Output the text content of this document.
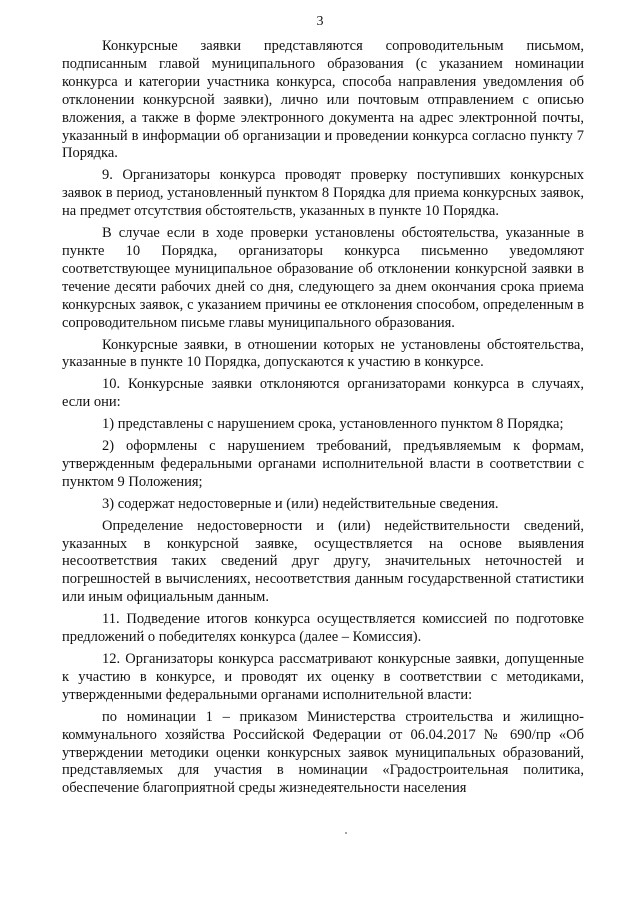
3

Конкурсные заявки представляются сопроводительным письмом, подписанным главой муниципального образования (с указанием номинации конкурса и категории участника конкурса, способа направления уведомления об отклонении конкурсной заявки), лично или почтовым отправлением с описью вложения, а также в форме электронного документа на адрес электронной почты, указанный в информации об организации и проведении конкурса согласно пункту 7 Порядка.

9. Организаторы конкурса проводят проверку поступивших конкурсных заявок в период, установленный пунктом 8 Порядка для приема конкурсных заявок, на предмет отсутствия обстоятельств, указанных в пункте 10 Порядка.

В случае если в ходе проверки установлены обстоятельства, указанные в пункте 10 Порядка, организаторы конкурса письменно уведомляют соответствующее муниципальное образование об отклонении конкурсной заявки в течение десяти рабочих дней со дня, следующего за днем окончания срока приема конкурсных заявок, с указанием причины ее отклонения способом, определенным в сопроводительном письме главы муниципального образования.

Конкурсные заявки, в отношении которых не установлены обстоятельства, указанные в пункте 10 Порядка, допускаются к участию в конкурсе.

10. Конкурсные заявки отклоняются организаторами конкурса в случаях, если они:

1) представлены с нарушением срока, установленного пунктом 8 Порядка;

2) оформлены с нарушением требований, предъявляемым к формам, утвержденным федеральными органами исполнительной власти в соответствии с пунктом 9 Положения;

3) содержат недостоверные и (или) недействительные сведения.

Определение недостоверности и (или) недействительности сведений, указанных в конкурсной заявке, осуществляется на основе выявления несоответствия таких сведений друг другу, значительных неточностей и погрешностей в вычислениях, несоответствия данным государственной статистики или иным официальным данным.

11. Подведение итогов конкурса осуществляется комиссией по подготовке предложений о победителях конкурса (далее – Комиссия).

12. Организаторы конкурса рассматривают конкурсные заявки, допущенные к участию в конкурсе, и проводят их оценку в соответствии с методиками, утвержденными федеральными органами исполнительной власти:

по номинации 1 – приказом Министерства строительства и жилищно-коммунального хозяйства Российской Федерации от 06.04.2017 № 690/пр «Об утверждении методики оценки конкурсных заявок муниципальных образований, представляемых для участия в номинации «Градостроительная политика, обеспечение благоприятной среды жизнедеятельности населения
